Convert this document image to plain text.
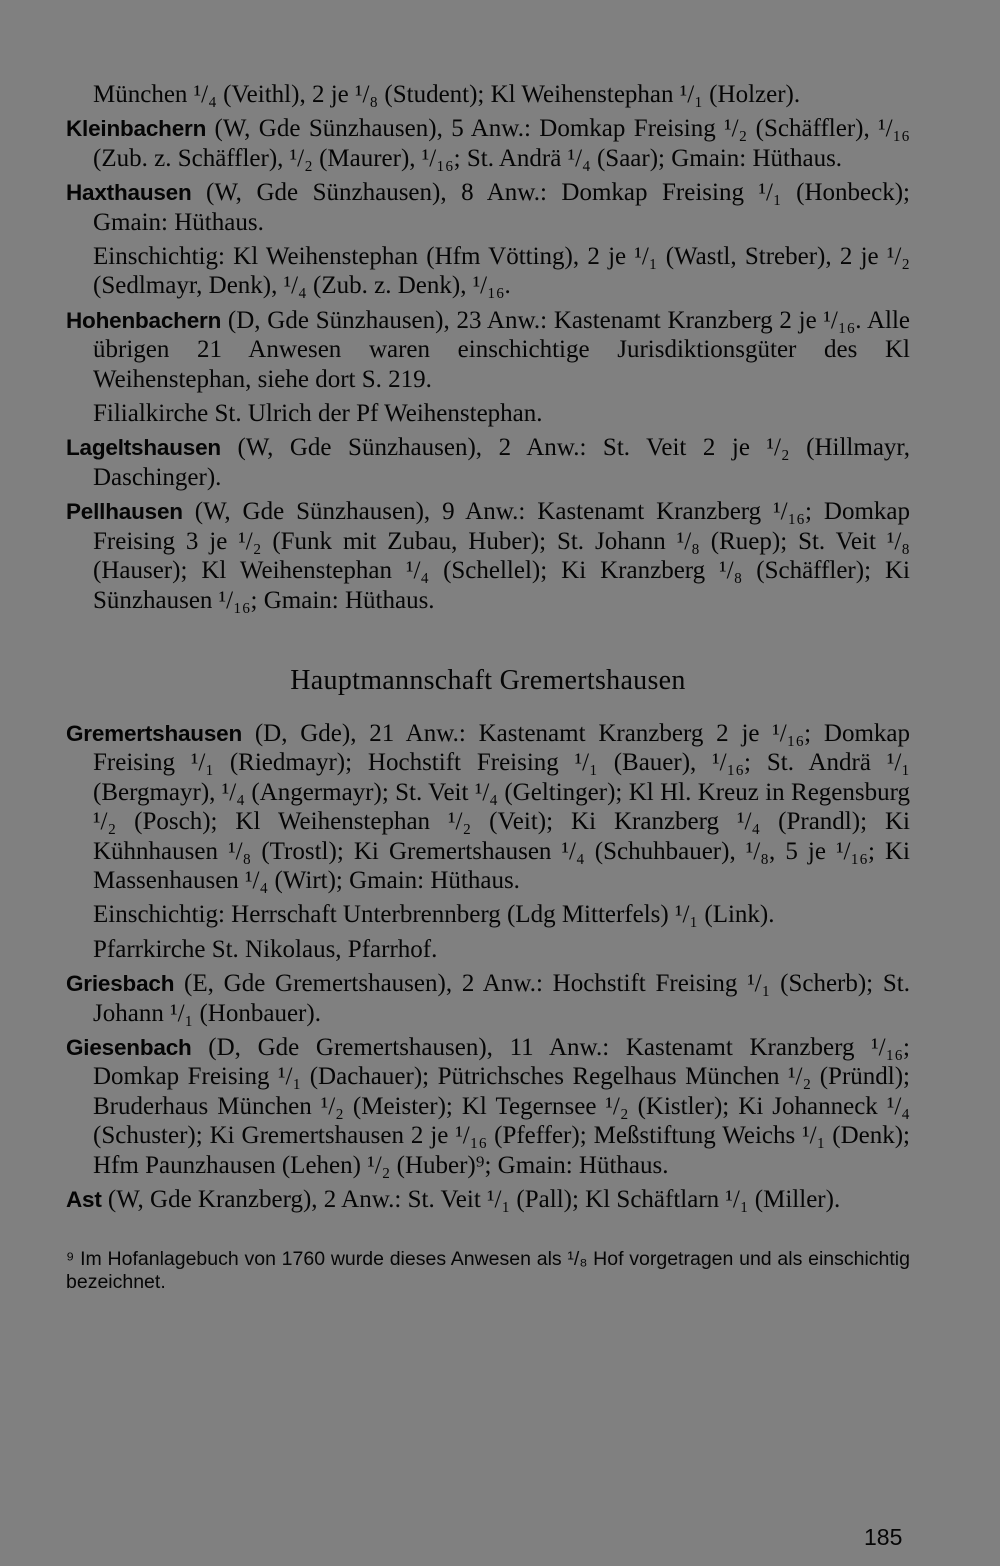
München ¹/₄ (Veithl), 2 je ¹/₈ (Student); Kl Weihenstephan ¹/₁ (Holzer).

Kleinbachern (W, Gde Sünzhausen), 5 Anw.: Domkap Freising ¹/₂ (Schäffler), ¹/₁₆ (Zub. z. Schäffler), ¹/₂ (Maurer), ¹/₁₆; St. Andrä ¹/₄ (Saar); Gmain: Hüthaus.

Haxthausen (W, Gde Sünzhausen), 8 Anw.: Domkap Freising ¹/₁ (Honbeck); Gmain: Hüthaus.

Einschichtig: Kl Weihenstephan (Hfm Vötting), 2 je ¹/₁ (Wastl, Streber), 2 je ¹/₂ (Sedlmayr, Denk), ¹/₄ (Zub. z. Denk), ¹/₁₆.

Hohenbachern (D, Gde Sünzhausen), 23 Anw.: Kastenamt Kranzberg 2 je ¹/₁₆. Alle übrigen 21 Anwesen waren einschichtige Jurisdiktionsgüter des Kl Weihenstephan, siehe dort S. 219.

Filialkirche St. Ulrich der Pf Weihenstephan.

Lageltshausen (W, Gde Sünzhausen), 2 Anw.: St. Veit 2 je ¹/₂ (Hillmayr, Daschinger).

Pellhausen (W, Gde Sünzhausen), 9 Anw.: Kastenamt Kranzberg ¹/₁₆; Domkap Freising 3 je ¹/₂ (Funk mit Zubau, Huber); St. Johann ¹/₈ (Ruep); St. Veit ¹/₈ (Hauser); Kl Weihenstephan ¹/₄ (Schellel); Ki Kranzberg ¹/₈ (Schäffler); Ki Sünzhausen ¹/₁₆; Gmain: Hüthaus.

Hauptmannschaft Gremertshausen

Gremertshausen (D, Gde), 21 Anw.: Kastenamt Kranzberg 2 je ¹/₁₆; Domkap Freising ¹/₁ (Riedmayr); Hochstift Freising ¹/₁ (Bauer), ¹/₁₆; St. Andrä ¹/₁ (Bergmayr), ¹/₄ (Angermayr); St. Veit ¹/₄ (Geltinger); Kl Hl. Kreuz in Regensburg ¹/₂ (Posch); Kl Weihenstephan ¹/₂ (Veit); Ki Kranzberg ¹/₄ (Prandl); Ki Kühnhausen ¹/₈ (Trostl); Ki Gremertshausen ¹/₄ (Schuhbauer), ¹/₈, 5 je ¹/₁₆; Ki Massenhausen ¹/₄ (Wirt); Gmain: Hüthaus.

Einschichtig: Herrschaft Unterbrennberg (Ldg Mitterfels) ¹/₁ (Link).

Pfarrkirche St. Nikolaus, Pfarrhof.

Griesbach (E, Gde Gremertshausen), 2 Anw.: Hochstift Freising ¹/₁ (Scherb); St. Johann ¹/₁ (Honbauer).

Giesenbach (D, Gde Gremertshausen), 11 Anw.: Kastenamt Kranzberg ¹/₁₆; Domkap Freising ¹/₁ (Dachauer); Pütrichsches Regelhaus München ¹/₂ (Pründl); Bruderhaus München ¹/₂ (Meister); Kl Tegernsee ¹/₂ (Kistler); Ki Johanneck ¹/₄ (Schuster); Ki Gremertshausen 2 je ¹/₁₆ (Pfeffer); Meßstiftung Weichs ¹/₁ (Denk); Hfm Paunzhausen (Lehen) ¹/₂ (Huber)⁹; Gmain: Hüthaus.

Ast (W, Gde Kranzberg), 2 Anw.: St. Veit ¹/₁ (Pall); Kl Schäftlarn ¹/₁ (Miller).

⁹ Im Hofanlagebuch von 1760 wurde dieses Anwesen als ¹/₈ Hof vorgetragen und als einschichtig bezeichnet.
185
